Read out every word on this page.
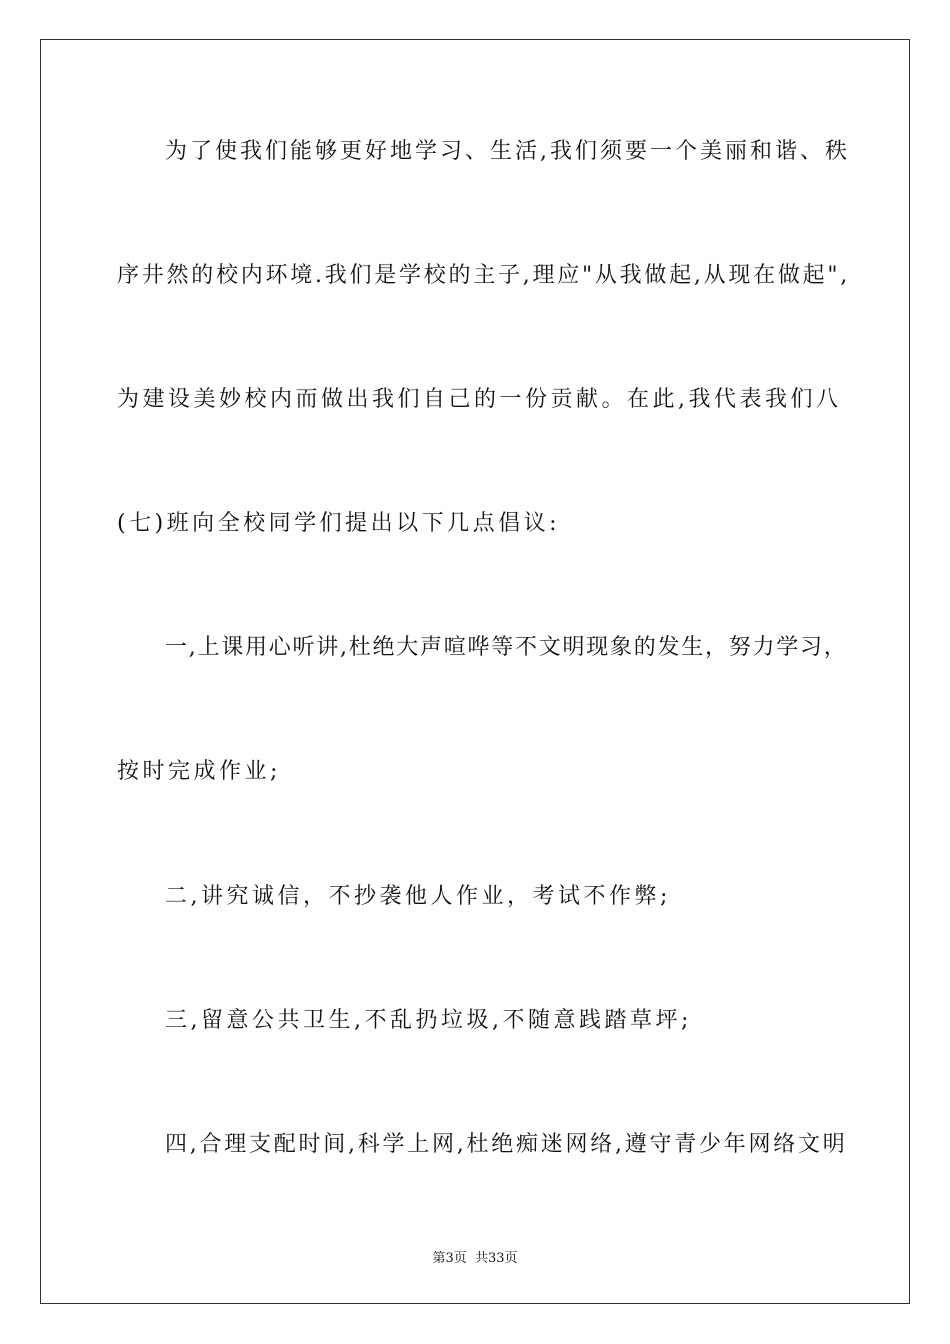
为了使我们能够更好地学习、生活,我们须要一个美丽和谐、秩
序井然的校内环境.我们是学校的主子,理应"从我做起,从现在做起",
为建设美妙校内而做出我们自己的一份贡献。在此,我代表我们八
(七)班向全校同学们提出以下几点倡议:
一,上课用心听讲,杜绝大声喧哗等不文明现象的发生，努力学习，
按时完成作业;
二,讲究诚信，不抄袭他人作业，考试不作弊;
三,留意公共卫生,不乱扔垃圾,不随意践踏草坪;
四,合理支配时间,科学上网,杜绝痴迷网络,遵守青少年网络文明
第3页  共33页
